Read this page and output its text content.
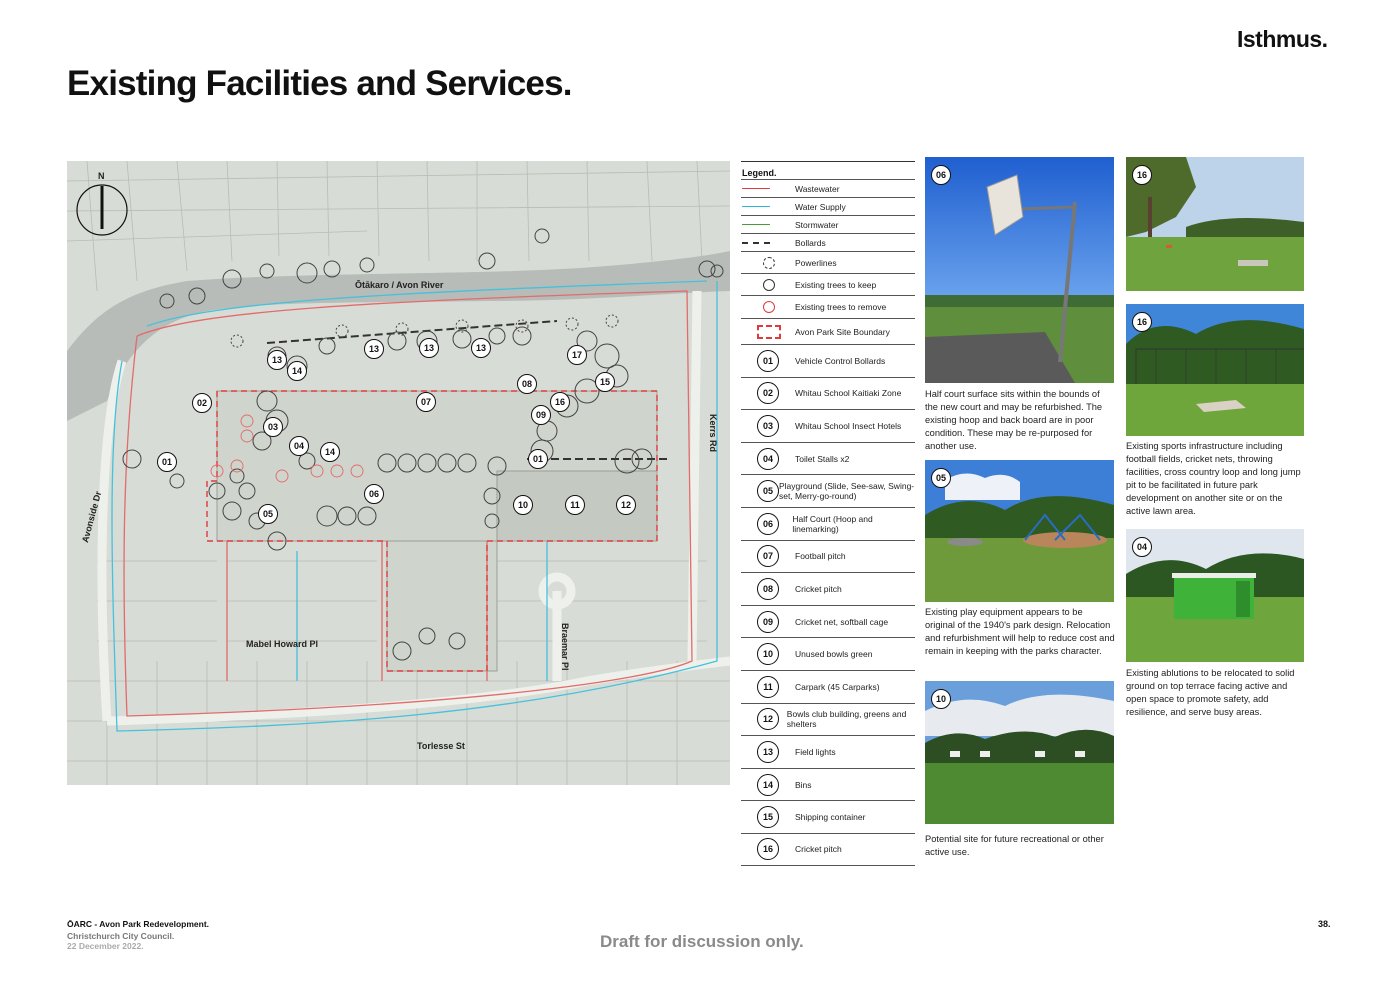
Isthmus.
Existing Facilities and Services.
N
Ōtākaro / Avon River
Avonside Dr
Mabel Howard Pl	Braemar Pl
Kerrs Rd
Torlesse St
01	01
02
03
04
05
06
07
08
09
10	11	12
13
13	13	13
14
14
15
16
17
Legend.
Wastewater
Water Supply
Stormwater
Bollards
Powerlines
Existing trees to keep
Existing trees to remove
Avon Park Site Boundary
01	Vehicle Control Bollards
02	Whitau School Kaitiaki Zone
03	Whitau School Insect Hotels
04	Toilet Stalls x2
05 Playground (Slide, See-saw, Swing-set, Merry-go-round)
06	Half Court (Hoop and linemarking)
07	Football pitch
08	Cricket pitch
09	Cricket net, softball cage
10	Unused bowls green
11	Carpark (45 Carparks)
12	Bowls club building, greens and shelters
13	Field lights
14	Bins
15	Shipping container
16	Cricket pitch
06

Half court surface sits within the bounds of the new court and may be refurbished. The existing hoop and back board are in poor condition. These may be re-purposed for another use.

05

Existing play equipment appears to be original of the 1940's park design. Relocation and refurbishment will help to reduce cost and remain in keeping with the parks character.

10

Potential site for future recreational or other active use.

16
16

Existing sports infrastructure including football fields, cricket nets, throwing facilities, cross country loop and long jump pit to be facilitated in future park development on another site or on the active lawn area.

04

Existing ablutions to be relocated to solid ground on top terrace facing active and open space to promote safety, add resilience, and serve busy areas.

ŌARC - Avon Park Redevelopment.
Christchurch City Council.
22 December 2022.	Draft for discussion only.
38.
